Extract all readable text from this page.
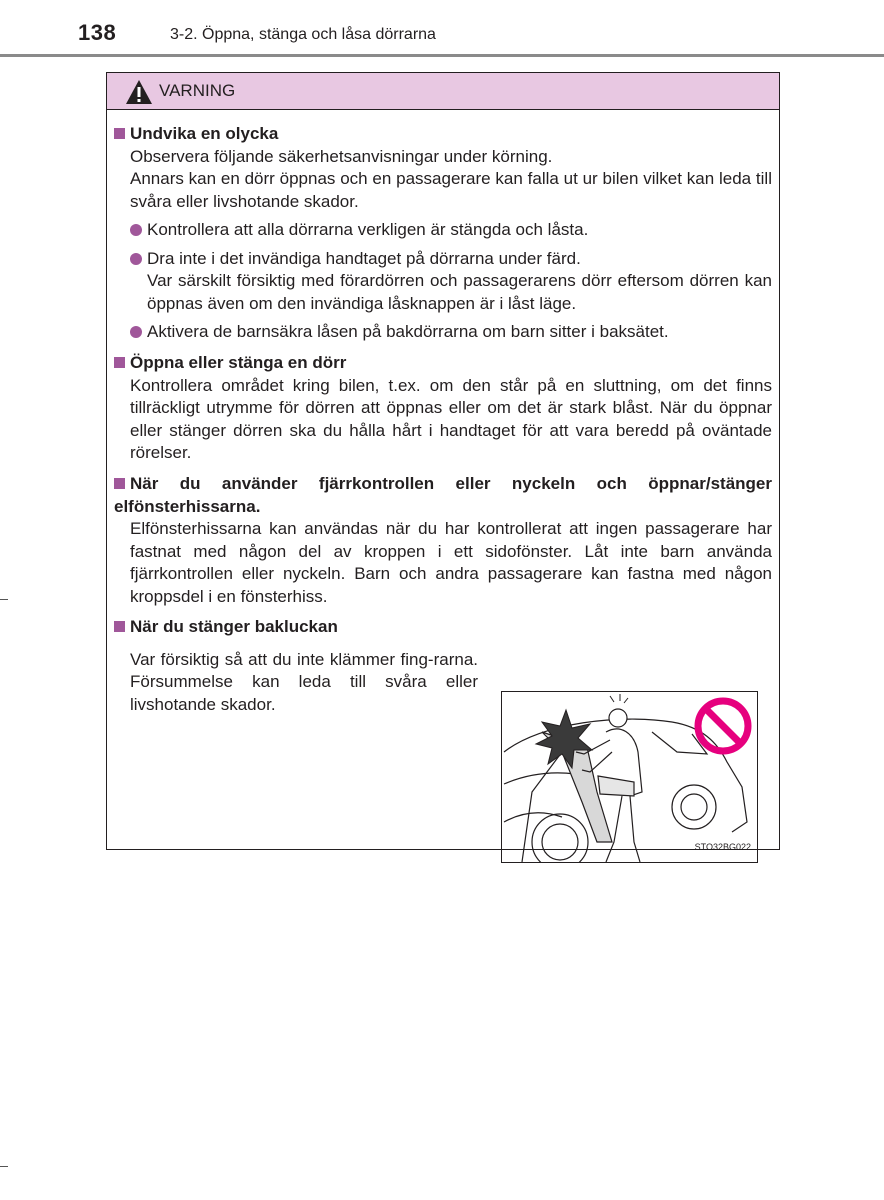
138	3-2. Öppna, stänga och låsa dörrarna
VARNING
Undvika en olycka
Observera följande säkerhetsanvisningar under körning.
Annars kan en dörr öppnas och en passagerare kan falla ut ur bilen vilket kan leda till svåra eller livshotande skador.
Kontrollera att alla dörrarna verkligen är stängda och låsta.
Dra inte i det invändiga handtaget på dörrarna under färd.
Var särskilt försiktig med förardörren och passagerarens dörr eftersom dörren kan öppnas även om den invändiga låsknappen är i låst läge.
Aktivera de barnsäkra låsen på bakdörrarna om barn sitter i baksätet.
Öppna eller stänga en dörr
Kontrollera området kring bilen, t.ex. om den står på en sluttning, om det finns tillräckligt utrymme för dörren att öppnas eller om det är stark blåst. När du öppnar eller stänger dörren ska du hålla hårt i handtaget för att vara beredd på oväntade rörelser.
När du använder fjärrkontrollen eller nyckeln och öppnar/stänger elfönsterhissarna.
Elfönsterhissarna kan användas när du har kontrollerat att ingen passagerare har fastnat med någon del av kroppen i ett sidofönster. Låt inte barn använda fjärrkontrollen eller nyckeln. Barn och andra passagerare kan fastna med någon kroppsdel i en fönsterhiss.
När du stänger bakluckan
Var försiktig så att du inte klämmer fing-rarna. Försummelse kan leda till svåra eller livshotande skador.
STO32BG022
